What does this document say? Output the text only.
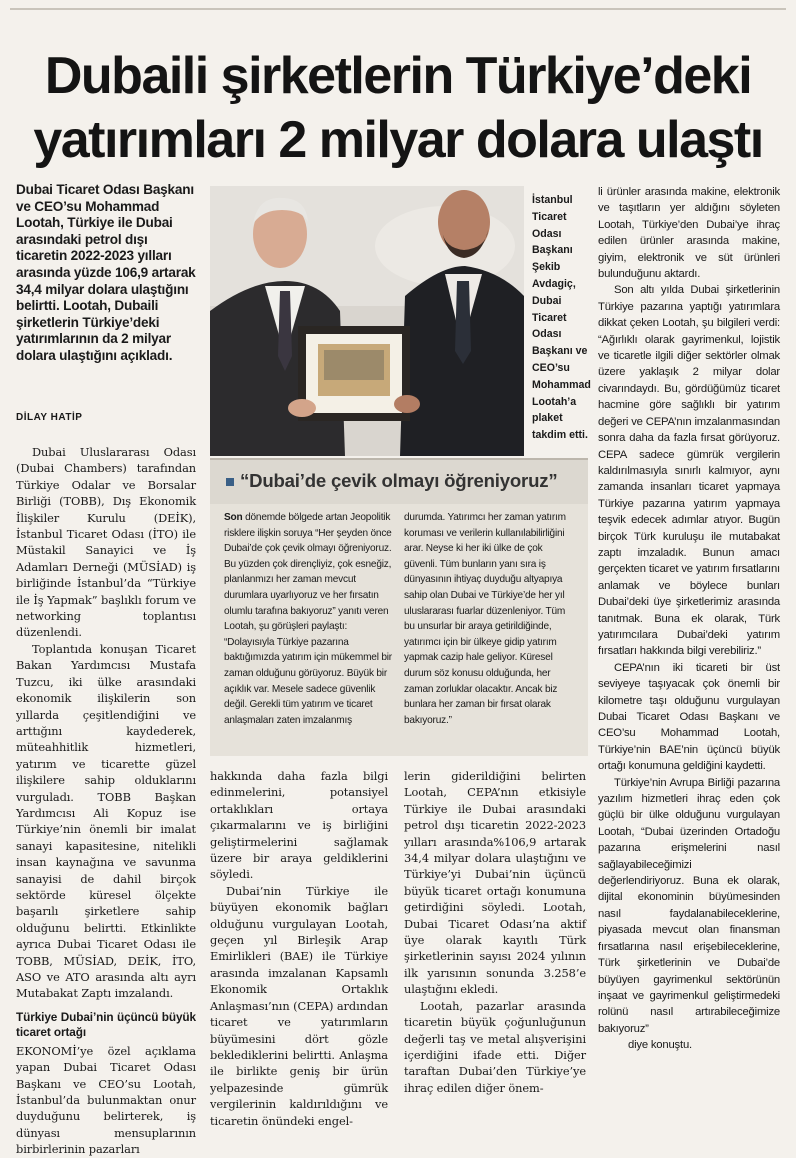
Dubaili şirketlerin Türkiye’deki
yatırımları 2 milyar dolara ulaştı
Dubai Ticaret Odası Başkanı ve CEO’su Mohammad Lootah, Türkiye ile Dubai arasındaki petrol dışı ticaretin 2022-2023 yılları arasında yüzde 106,9 artarak 34,4 milyar dolara ulaştığını belirtti. Lootah, Dubaili şirketlerin Türkiye’deki yatırımlarının da 2 milyar dolara ulaştığını açıkladı.
DİLAY HATİP

Dubai Uluslararası Odası (Dubai Chambers) tarafından Türkiye Odalar ve Borsalar Birliği (TOBB), Dış Ekonomik İlişkiler Kurulu (DEİK), İstanbul Ticaret Odası (İTO) ile Müstakil Sanayici ve İş Adamları Derneği (MÜSİAD) iş birliğinde İstanbul’da “Türkiye ile İş Yapmak” başlıklı forum ve networking toplantısı düzenlendi.

Toplantıda konuşan Ticaret Bakan Yardımcısı Mustafa Tuzcu, iki ülke arasındaki ekonomik ilişkilerin son yıllarda çeşitlendiğini ve arttığını kaydederek, müteahhitlik hizmetleri, yatırım ve ticarette güzel ilişkilere sahip olduklarını vurguladı. TOBB Başkan Yardımcısı Ali Kopuz ise Türkiye’nin önemli bir imalat sanayi kapasitesine, nitelikli insan kaynağına ve savunma sanayisi de dahil birçok sektörde küresel ölçekte başarılı şirketlere sahip olduğunu belirtti. Etkinlikte ayrıca Dubai Ticaret Odası ile TOBB, MÜSİAD, DEİK, İTO, ASO ve ATO arasında altı ayrı Mutabakat Zaptı imzalandı.

Türkiye Dubai’nin üçüncü büyük ticaret ortağı

EKONOMİ’ye özel açıklama yapan Dubai Ticaret Odası Başkanı ve CEO’su Lootah, İstanbul’da bulunmaktan onur duyduğunu belirterek, iş dünyası mensuplarının birbirlerinin pazarları

İstanbul Ticaret Odası Başkanı Şekib Avdagiç, Dubai Ticaret Odası Başkanı ve CEO’su Mohammad Lootah’a plaket takdim etti.
“Dubai’de çevik olmayı öğreniyoruz”
Son dönemde bölgede artan Jeopolitik risklere ilişkin soruya “Her şeyden önce Dubai’de çok çevik olmayı öğreniyoruz. Bu yüzden çok dirençliyiz, çok esneğiz, planlanmızı her zaman mevcut durumlara uyarlıyoruz ve her fırsatın olumlu tarafına bakıyoruz” yanıtı veren Lootah, şu görüşleri paylaştı: “Dolayısıyla Türkiye pazarına baktığımızda yatırım için mükemmel bir zaman olduğunu görüyoruz. Büyük bir açıklık var. Mesele sadece güvenlik değil. Gerekli tüm yatırım ve ticaret anlaşmaları zaten imzalanmış
durumda. Yatırımcı her zaman yatırım koruması ve verilerin kullanılabilirliğini arar. Neyse ki her iki ülke de çok güvenli. Tüm bunların yanı sıra iş dünyasının ihtiyaç duyduğu altyapıya sahip olan Dubai ve Türkiye’de her yıl uluslararası fuarlar düzenleniyor. Tüm bu unsurlar bir araya getirildiğinde, yatırımcı için bir ülkeye gidip yatırım yapmak cazip hale geliyor. Küresel durum söz konusu olduğunda, her zaman zorluklar olacaktır. Ancak biz bunlara her zaman bir fırsat olarak bakıyoruz.”

hakkında daha fazla bilgi edinmelerini, potansiyel ortaklıkları ortaya çıkarmalarını ve iş birliğini geliştirmelerini sağlamak üzere bir araya geldiklerini söyledi.

Dubai’nin Türkiye ile büyüyen ekonomik bağları olduğunu vurgulayan Lootah, geçen yıl Birleşik Arap Emirlikleri (BAE) ile Türkiye arasında imzalanan Kapsamlı Ekonomik Ortaklık Anlaşması’nın (CEPA) ardından ticaret ve yatırımların büyümesini dört gözle beklediklerini belirtti. Anlaşma ile birlikte geniş bir ürün yelpazesinde gümrük vergilerinin kaldırıldığını ve ticaretin önündeki engel-

lerin giderildiğini belirten Lootah, CEPA’nın etkisiyle Türkiye ile Dubai arasındaki petrol dışı ticaretin 2022-2023 yılları arasında%106,9 artarak 34,4 milyar dolara ulaştığını ve Türkiye’yi Dubai’nin üçüncü büyük ticaret ortağı konumuna getirdiğini söyledi. Lootah, Dubai Ticaret Odası’na aktif üye olarak kayıtlı Türk şirketlerinin sayısı 2024 yılının ilk yarısının sonunda 3.258’e ulaştığını ekledi.

Lootah, pazarlar arasında ticaretin büyük çoğunluğunun değerli taş ve metal alışverişini içerdiğini ifade etti. Diğer taraftan Dubai’den Türkiye’ye ihraç edilen diğer önem-

li ürünler arasında makine, elektronik ve taşıtların yer aldığını söyleten Lootah, Türkiye’den Dubai’ye ihraç edilen ürünler arasında makine, giyim, elektronik ve süt ürünleri bulunduğunu aktardı.

Son altı yılda Dubai şirketlerinin Türkiye pazarına yaptığı yatırımlara dikkat çeken Lootah, şu bilgileri verdi: “Ağırlıklı olarak gayrimenkul, lojistik ve ticaretle ilgili diğer sektörler olmak üzere yaklaşık 2 milyar dolar civarındaydı. Bu, gördüğümüz ticaret hacmine göre sağlıklı bir yatırım değeri ve CEPA’nın imzalanmasından sonra daha da fazla fırsat görüyoruz. CEPA sadece gümrük vergilerin kaldırılmasıyla sınırlı kalmıyor, aynı zamanda insanları ticaret yapmaya Türkiye pazarına yatırım yapmaya teşvik edecek adımlar atıyor. Bugün birçok Türk kuruluşu ile mutabakat zaptı imzaladık. Bunun amacı gerçekten ticaret ve yatırım fırsatlarını anlamak ve böylece bunları Dubai’deki üye şirketlerimiz arasında tanıtmak. Buna ek olarak, Türk yatırımcılara Dubai’deki yatırım fırsatları hakkında bilgi verebiliriz.”

CEPA’nın iki ticareti bir üst seviyeye taşıyacak çok önemli bir kilometre taşı olduğunu vurgulayan Dubai Ticaret Odası Başkanı ve CEO’su Mohammad Lootah, Türkiye’nin BAE’nin üçüncü büyük ortağı konumuna geldiğini kaydetti.

Türkiye’nin Avrupa Birliği pazarına yazılım hizmetleri ihraç eden çok güçlü bir ülke olduğunu vurgulayan Lootah, “Dubai üzerinden Ortadoğu pazarına erişmelerini nasıl sağlayabileceğimizi değerlendiriyoruz. Buna ek olarak, dijital ekonominin büyümesinden nasıl faydalanabileceklerine, piyasada mevcut olan finansman fırsatlarına nasıl erişebileceklerine, Türk şirketlerinin ve Dubai’de büyüyen gayrimenkul sektörünün inşaat ve gayrimenkul geliştirmedeki rolünü nasıl artırabileceğimize bakıyoruz”

diye konuştu.
